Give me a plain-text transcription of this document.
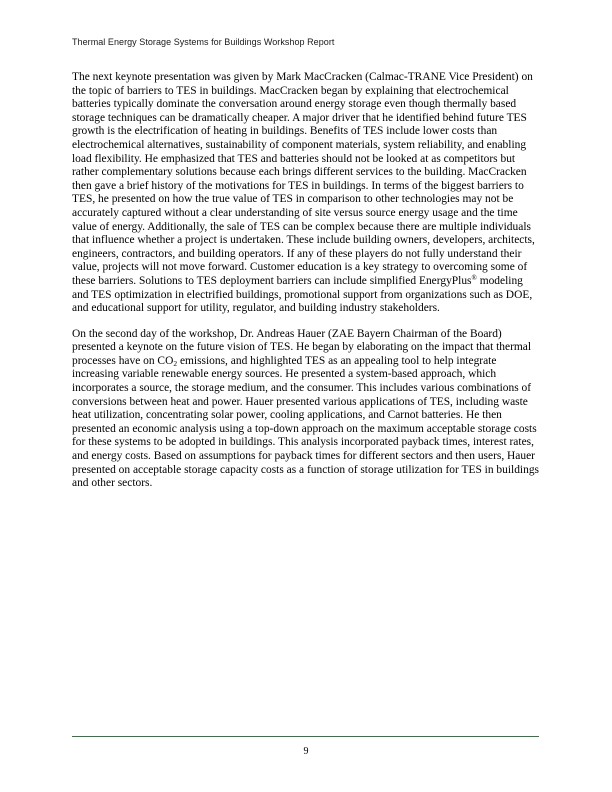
Thermal Energy Storage Systems for Buildings Workshop Report

The next keynote presentation was given by Mark MacCracken (Calmac-TRANE Vice President) on the topic of barriers to TES in buildings. MacCracken began by explaining that electrochemical batteries typically dominate the conversation around energy storage even though thermally based storage techniques can be dramatically cheaper. A major driver that he identified behind future TES growth is the electrification of heating in buildings. Benefits of TES include lower costs than electrochemical alternatives, sustainability of component materials, system reliability, and enabling load flexibility. He emphasized that TES and batteries should not be looked at as competitors but rather complementary solutions because each brings different services to the building. MacCracken then gave a brief history of the motivations for TES in buildings. In terms of the biggest barriers to TES, he presented on how the true value of TES in comparison to other technologies may not be accurately captured without a clear understanding of site versus source energy usage and the time value of energy. Additionally, the sale of TES can be complex because there are multiple individuals that influence whether a project is undertaken. These include building owners, developers, architects, engineers, contractors, and building operators. If any of these players do not fully understand their value, projects will not move forward. Customer education is a key strategy to overcoming some of these barriers. Solutions to TES deployment barriers can include simplified EnergyPlus® modeling and TES optimization in electrified buildings, promotional support from organizations such as DOE, and educational support for utility, regulator, and building industry stakeholders.

On the second day of the workshop, Dr. Andreas Hauer (ZAE Bayern Chairman of the Board) presented a keynote on the future vision of TES. He began by elaborating on the impact that thermal processes have on $CO_2$ emissions, and highlighted TES as an appealing tool to help integrate increasing variable renewable energy sources. He presented a system-based approach, which incorporates a source, the storage medium, and the consumer. This includes various combinations of conversions between heat and power. Hauer presented various applications of TES, including waste heat utilization, concentrating solar power, cooling applications, and Carnot batteries. He then presented an economic analysis using a top-down approach on the maximum acceptable storage costs for these systems to be adopted in buildings. This analysis incorporated payback times, interest rates, and energy costs. Based on assumptions for payback times for different sectors and then users, Hauer presented on acceptable storage capacity costs as a function of storage utilization for TES in buildings and other sectors.

9
